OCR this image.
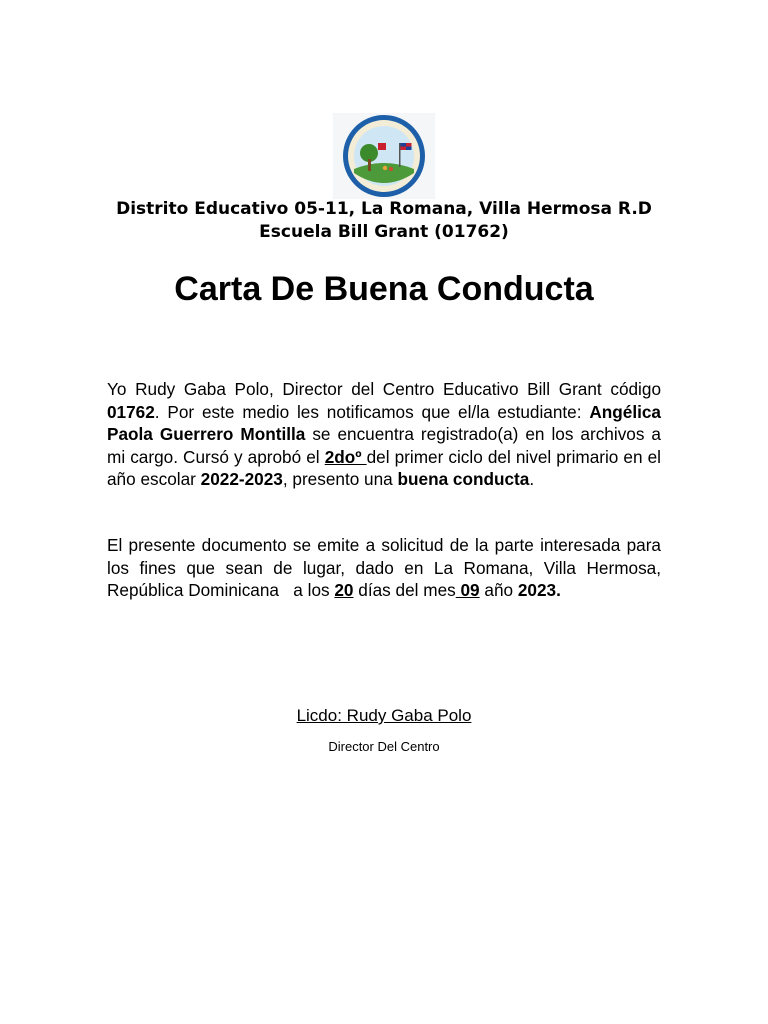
Distrito Educativo 05-11, La Romana, Villa Hermosa R.D
Escuela Bill Grant (01762)
Carta De Buena Conducta
Yo Rudy Gaba Polo, Director del Centro Educativo Bill Grant código 01762. Por este medio les notificamos que el/la estudiante: Angélica Paola Guerrero Montilla se encuentra registrado(a) en los archivos a mi cargo. Cursó y aprobó el 2doº del primer ciclo del nivel primario en el año escolar 2022-2023, presento una buena conducta.
El presente documento se emite a solicitud de la parte interesada para los fines que sean de lugar, dado en La Romana, Villa Hermosa, República Dominicana   a los 20 días del mes 09 año 2023.
Licdo: Rudy Gaba Polo
Director Del Centro
